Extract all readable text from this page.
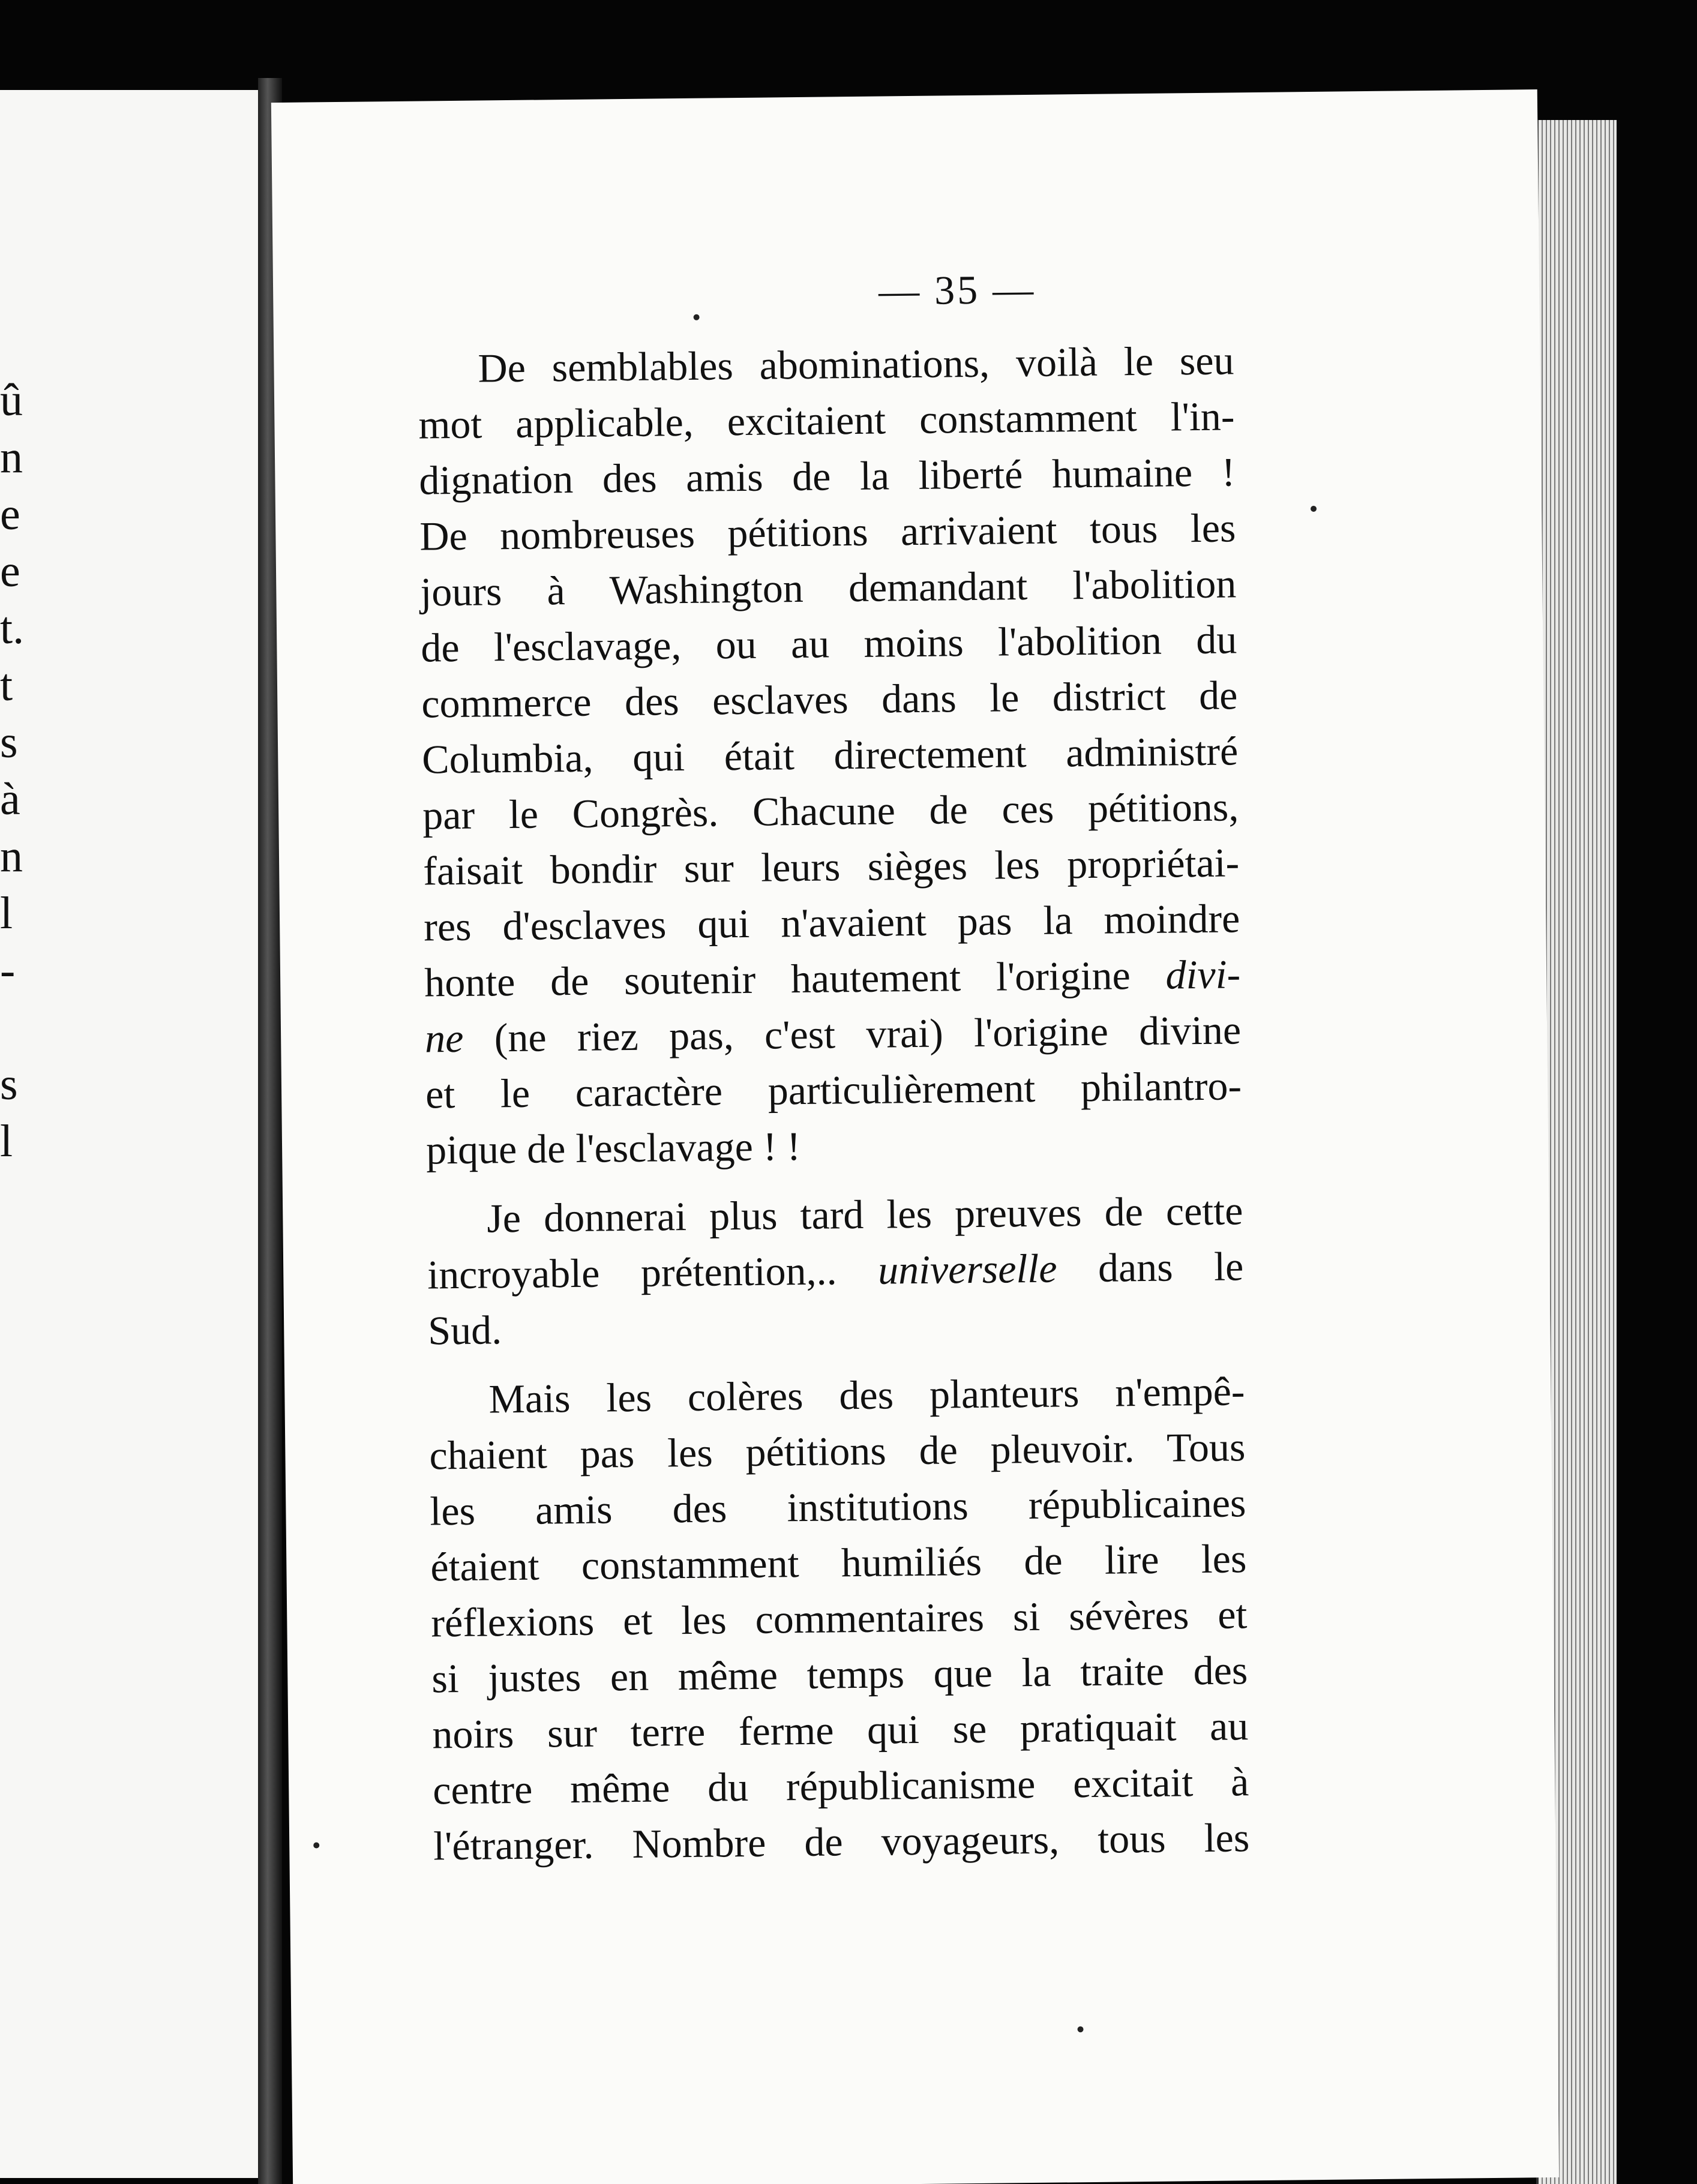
û
n
e
e
t.
t
s
à
n
l
-
s
l
— 35 —
De semblables abominations, voilà le seu
mot applicable, excitaient constamment l'in-
dignation des amis de la liberté humaine !
De nombreuses pétitions arrivaient tous les
jours à Washington demandant l'abolition
de l'esclavage, ou au moins l'abolition du
commerce des esclaves dans le district de
Columbia, qui était directement administré
par le Congrès. Chacune de ces pétitions,
faisait bondir sur leurs sièges les propriétai-
res d'esclaves qui n'avaient pas la moindre
honte de soutenir hautement l'origine divi-
ne (ne riez pas, c'est vrai) l'origine divine
et le caractère particulièrement philantro-
pique de l'esclavage ! !
Je donnerai plus tard les preuves de cette
incroyable prétention,.. universelle dans le
Sud.
Mais les colères des planteurs n'empê-
chaient pas les pétitions de pleuvoir. Tous
les amis des institutions républicaines
étaient constamment humiliés de lire les
réflexions et les commentaires si sévères et
si justes en même temps que la traite des
noirs sur terre ferme qui se pratiquait au
centre même du républicanisme excitait à
l'étranger. Nombre de voyageurs, tous les
